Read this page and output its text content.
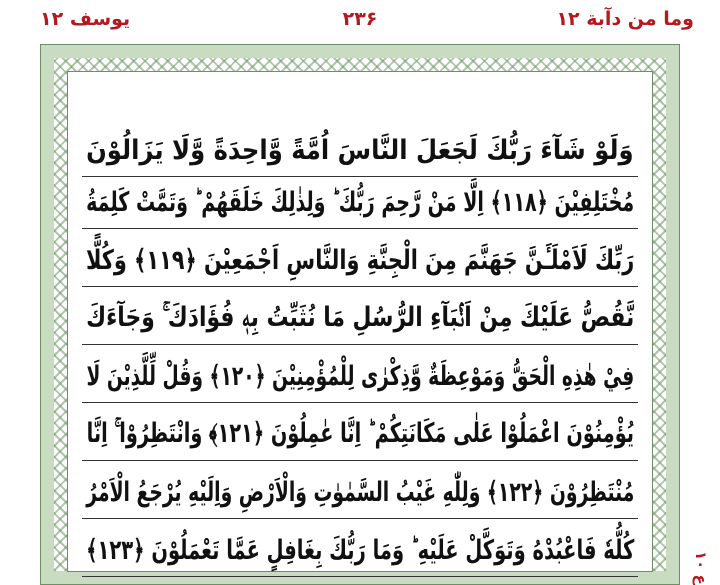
يوسف ۱۲	۲۳۶	وما من دآبة ۱۲
وَلَوْ شَآءَ رَبُّكَ لَجَعَلَ النَّاسَ اُمَّةً وَّاحِدَةً وَّلَا يَزَالُوْنَ
مُخْتَلِفِيْنَ ﴿۱۱۸﴾ اِلَّا مَنْ رَّحِمَ رَبُّكَ ؕ وَلِذٰلِكَ خَلَقَهُمْ ؕ وَتَمَّتْ كَلِمَةُ
رَبِّكَ لَاَمْلَـَٔنَّ جَهَنَّمَ مِنَ الْجِنَّةِ وَالنَّاسِ اَجْمَعِيْنَ ﴿۱۱۹﴾ وَكُلًّا
نَّقُصُّ عَلَيْكَ مِنْ اَنْۢبَآءِ الرُّسُلِ مَا نُثَبِّتُ بِهٖ فُؤَادَكَ ۚ وَجَآءَكَ
فِيْ هٰذِهِ الْحَقُّ وَمَوْعِظَةٌ وَّذِكْرٰى لِلْمُؤْمِنِيْنَ ﴿۱۲۰﴾ وَقُلْ لِّلَّذِيْنَ لَا
يُؤْمِنُوْنَ اعْمَلُوْا عَلٰى مَكَانَتِكُمْ ؕ اِنَّا عٰمِلُوْنَ ﴿۱۲۱﴾ وَانْتَظِرُوْا ۚ اِنَّا
مُنْتَظِرُوْنَ ﴿۱۲۲﴾ وَلِلّٰهِ غَيْبُ السَّمٰوٰتِ وَالْاَرْضِ وَاِلَيْهِ يُرْجَعُ الْاَمْرُ
كُلُّهٗ فَاعْبُدْهُ وَتَوَكَّلْ عَلَيْهِ ؕ وَمَا رَبُّكَ بِغَافِلٍ عَمَّا تَعْمَلُوْنَ ﴿۱۲۳﴾	ع ۱۰
